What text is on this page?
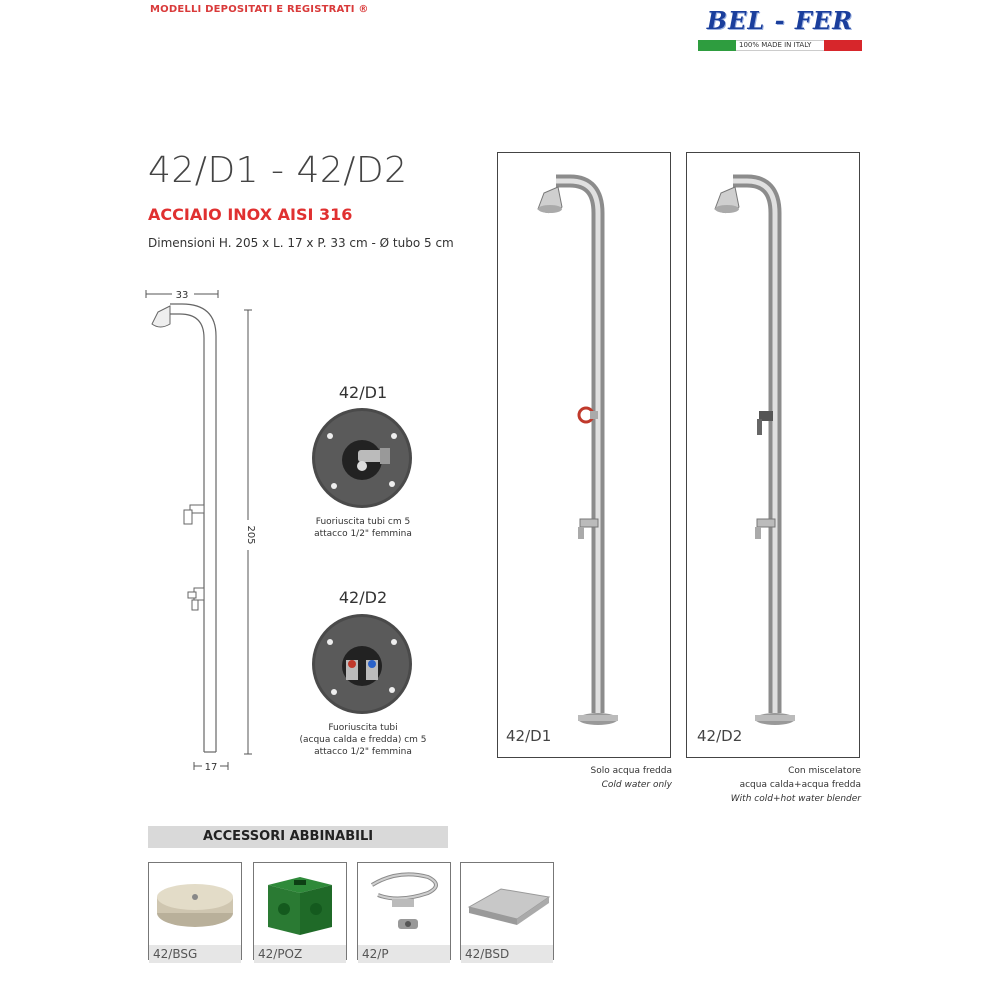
MODELLI DEPOSITATI E REGISTRATI ®	BEL - FER
100% MADE IN ITALY
42/D1 - 42/D2
ACCIAIO INOX AISI 316
Dimensioni H. 205 x L. 17 x P. 33 cm - Ø tubo 5 cm
33
205
17
42/D1
Fuoriuscita tubi cm 5
attacco 1/2" femmina
42/D2
Fuoriuscita tubi
(acqua calda e fredda) cm 5
attacco 1/2" femmina
42/D1
Solo acqua fredda
Cold water only
42/D2
Con miscelatore
acqua calda+acqua fredda
With cold+hot water blender
ACCESSORI ABBINABILI
42/BSG	42/POZ	42/P	42/BSD
